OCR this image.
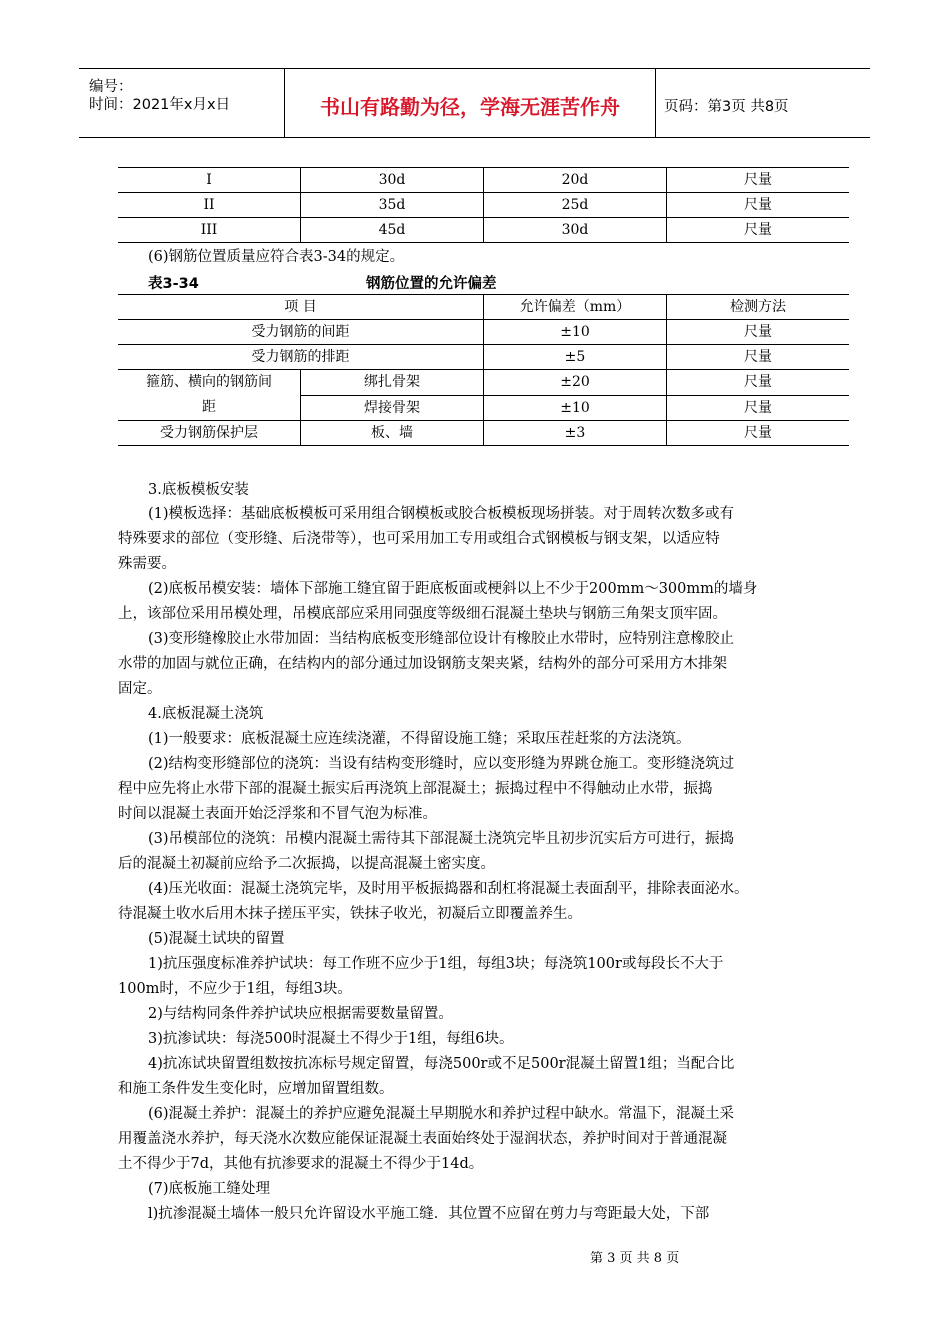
编号：
时间：2021年x月x日	书山有路勤为径，学海无涯苦作舟	页码：第3页 共8页
I	30d	20d	尺量
II	35d	25d	尺量
III	45d	30d	尺量
(6)钢筋位置质量应符合表3-34的规定。
表3-34	钢筋位置的允许偏差
项 目		允许偏差（mm）	检测方法
受力钢筋的间距		±10	尺量
受力钢筋的排距		±5	尺量
箍筋、横向的钢筋间
距	绑扎骨架	±20	尺量
	焊接骨架	±10	尺量
受力钢筋保护层	板、墙	±3	尺量
3.底板模板安装
(1)模板选择：基础底板模板可采用组合钢模板或胶合板模板现场拼装。对于周转次数多或有
特殊要求的部位（变形缝、后浇带等），也可采用加工专用或组合式钢模板与钢支架，以适应特
殊需要。
(2)底板吊模安装：墙体下部施工缝宜留于距底板面或梗斜以上不少于200mm～300mm的墙身
上，该部位采用吊模处理，吊模底部应采用同强度等级细石混凝土垫块与钢筋三角架支顶牢固。
(3)变形缝橡胶止水带加固：当结构底板变形缝部位设计有橡胶止水带时，应特别注意橡胶止
水带的加固与就位正确，在结构内的部分通过加设钢筋支架夹紧，结构外的部分可采用方木排架
固定。
4.底板混凝土浇筑
(1)一般要求：底板混凝土应连续浇灌，不得留设施工缝；采取压茬赶浆的方法浇筑。
(2)结构变形缝部位的浇筑：当设有结构变形缝时，应以变形缝为界跳仓施工。变形缝浇筑过
程中应先将止水带下部的混凝土振实后再浇筑上部混凝土；振捣过程中不得触动止水带，振捣
时间以混凝土表面开始泛浮浆和不冒气泡为标准。
(3)吊模部位的浇筑：吊模内混凝土需待其下部混凝土浇筑完毕且初步沉实后方可进行，振捣
后的混凝土初凝前应给予二次振捣，以提高混凝土密实度。
(4)压光收面：混凝土浇筑完毕，及时用平板振捣器和刮杠将混凝土表面刮平，排除表面泌水。
待混凝土收水后用木抹子搓压平实，铁抹子收光，初凝后立即覆盖养生。
(5)混凝土试块的留置
1)抗压强度标准养护试块：每工作班不应少于1组，每组3块；每浇筑100r或每段长不大于
100m时，不应少于1组，每组3块。
2)与结构同条件养护试块应根据需要数量留置。
3)抗渗试块：每浇500时混凝土不得少于1组，每组6块。
4)抗冻试块留置组数按抗冻标号规定留置，每浇500r或不足500r混凝土留置1组；当配合比
和施工条件发生变化时，应增加留置组数。
(6)混凝土养护：混凝土的养护应避免混凝土早期脱水和养护过程中缺水。常温下，混凝土采
用覆盖浇水养护，每天浇水次数应能保证混凝土表面始终处于湿润状态，养护时间对于普通混凝
土不得少于7d，其他有抗渗要求的混凝土不得少于14d。
(7)底板施工缝处理
l)抗渗混凝土墙体一般只允许留设水平施工缝．其位置不应留在剪力与弯距最大处，下部
第 3 页 共 8 页
